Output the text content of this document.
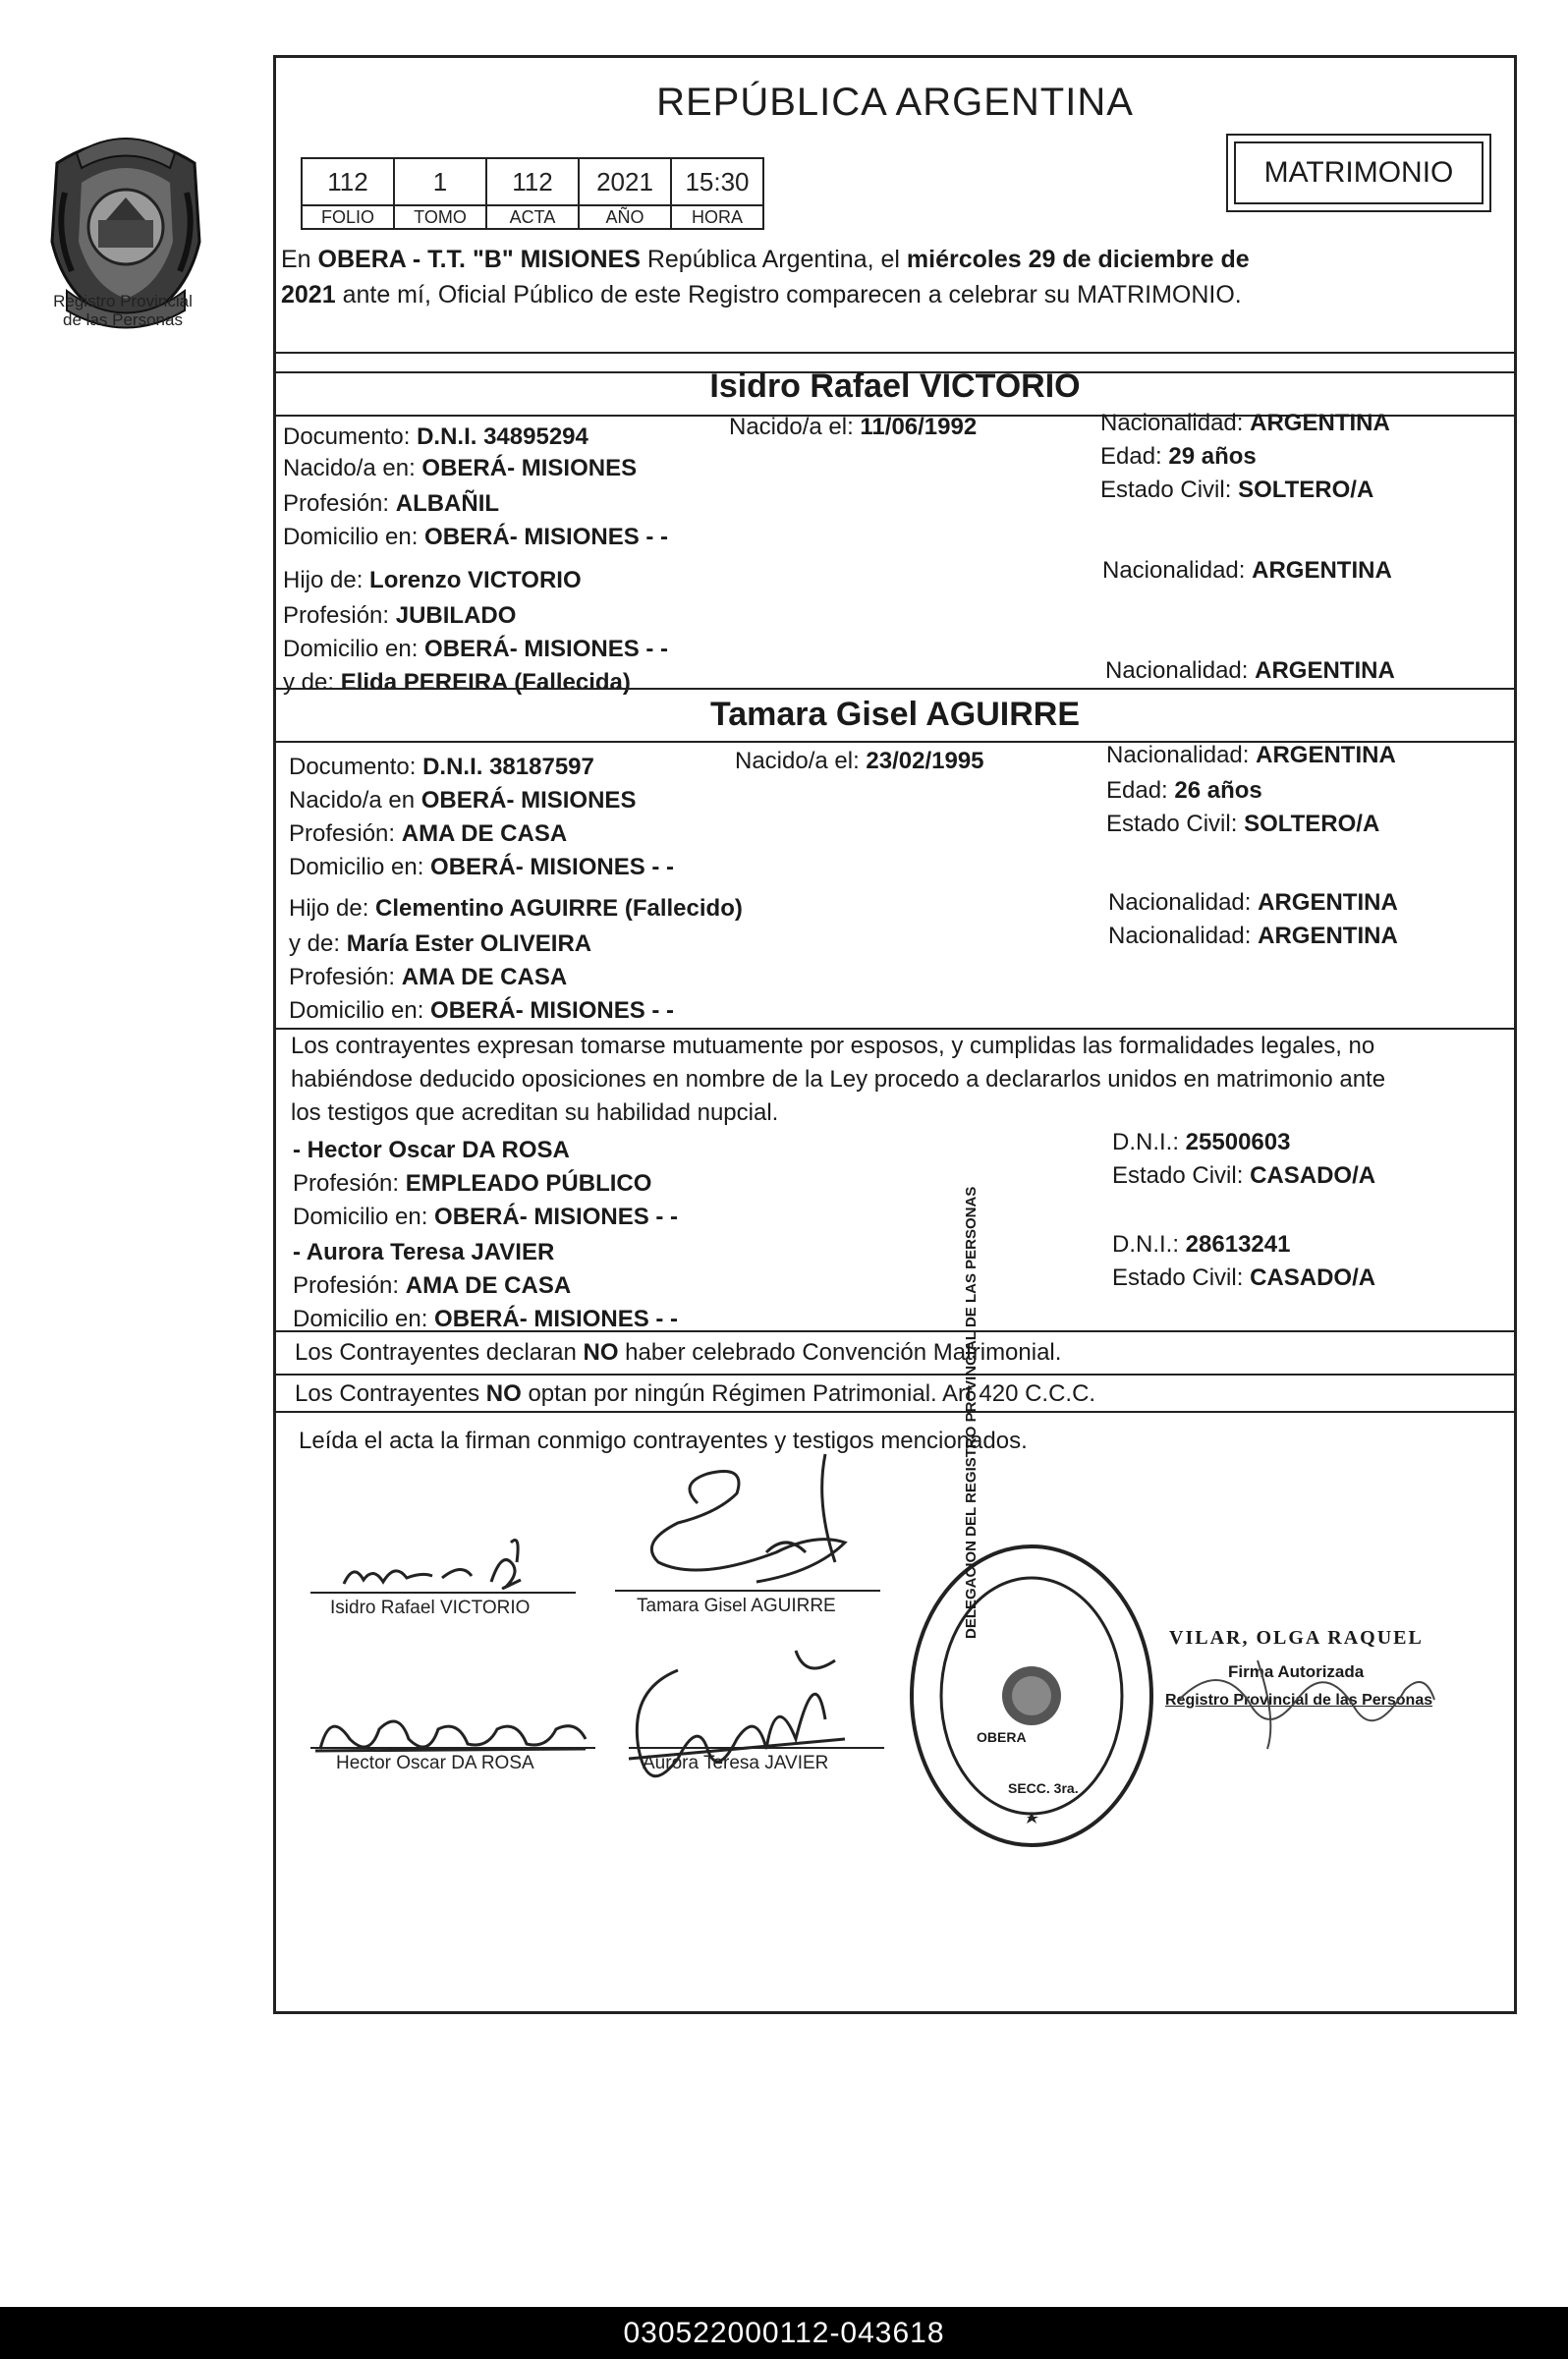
Registro Provincial
de las Personas
REPÚBLICA ARGENTINA
112	1	112	2021	15:30
FOLIO	TOMO	ACTA	AÑO	HORA
MATRIMONIO
En OBERA - T.T. "B" MISIONES República Argentina, el miércoles 29 de diciembre de
2021 ante mí, Oficial Público de este Registro comparecen a celebrar su MATRIMONIO.
Isidro Rafael VICTORIO
Documento: D.N.I. 34895294	Nacido/a el: 11/06/1992	Nacionalidad: ARGENTINA
Nacido/a en: OBERÁ- MISIONES	Edad: 29 años
Profesión: ALBAÑIL
Estado Civil: SOLTERO/A
Domicilio en: OBERÁ- MISIONES - -
Hijo de: Lorenzo VICTORIO	Nacionalidad: ARGENTINA
Profesión: JUBILADO
Domicilio en: OBERÁ- MISIONES - -
y de: Elida PEREIRA (Fallecida)	Nacionalidad: ARGENTINA
Tamara Gisel AGUIRRE
Documento: D.N.I. 38187597	Nacido/a el: 23/02/1995	Nacionalidad: ARGENTINA
Nacido/a en OBERÁ- MISIONES	Edad: 26 años
Profesión: AMA DE CASA	Estado Civil: SOLTERO/A
Domicilio en: OBERÁ- MISIONES - -
Hijo de: Clementino AGUIRRE (Fallecido)	Nacionalidad: ARGENTINA
y de: María Ester OLIVEIRA	Nacionalidad: ARGENTINA
Profesión: AMA DE CASA
Domicilio en: OBERÁ- MISIONES - -
Los contrayentes expresan tomarse mutuamente por esposos, y cumplidas las formalidades legales, no
habiéndose deducido oposiciones en nombre de la Ley procedo a declararlos unidos en matrimonio ante
los testigos que acreditan su habilidad nupcial.
- Hector Oscar DA ROSA	D.N.I.: 25500603
Profesión: EMPLEADO PÚBLICO	Estado Civil: CASADO/A
Domicilio en: OBERÁ- MISIONES - -
- Aurora Teresa JAVIER	D.N.I.: 28613241
Profesión: AMA DE CASA	Estado Civil: CASADO/A
Domicilio en: OBERÁ- MISIONES - -
Los Contrayentes declaran NO haber celebrado Convención Matrimonial.
Los Contrayentes NO optan por ningún Régimen Patrimonial. Art 420 C.C.C.
Leída el acta la firman conmigo contrayentes y testigos mencionados.
Isidro Rafael VICTORIO	Tamara Gisel AGUIRRE
Hector Oscar DA ROSA	Aurora Teresa JAVIER
DELEGACION DEL REGISTRO PROVINCIAL DE LAS PERSONAS
OBERA
SECC. 3ra.
VILAR, OLGA RAQUEL
Firma Autorizada
Registro Provincial de las Personas
030522000112-043618
